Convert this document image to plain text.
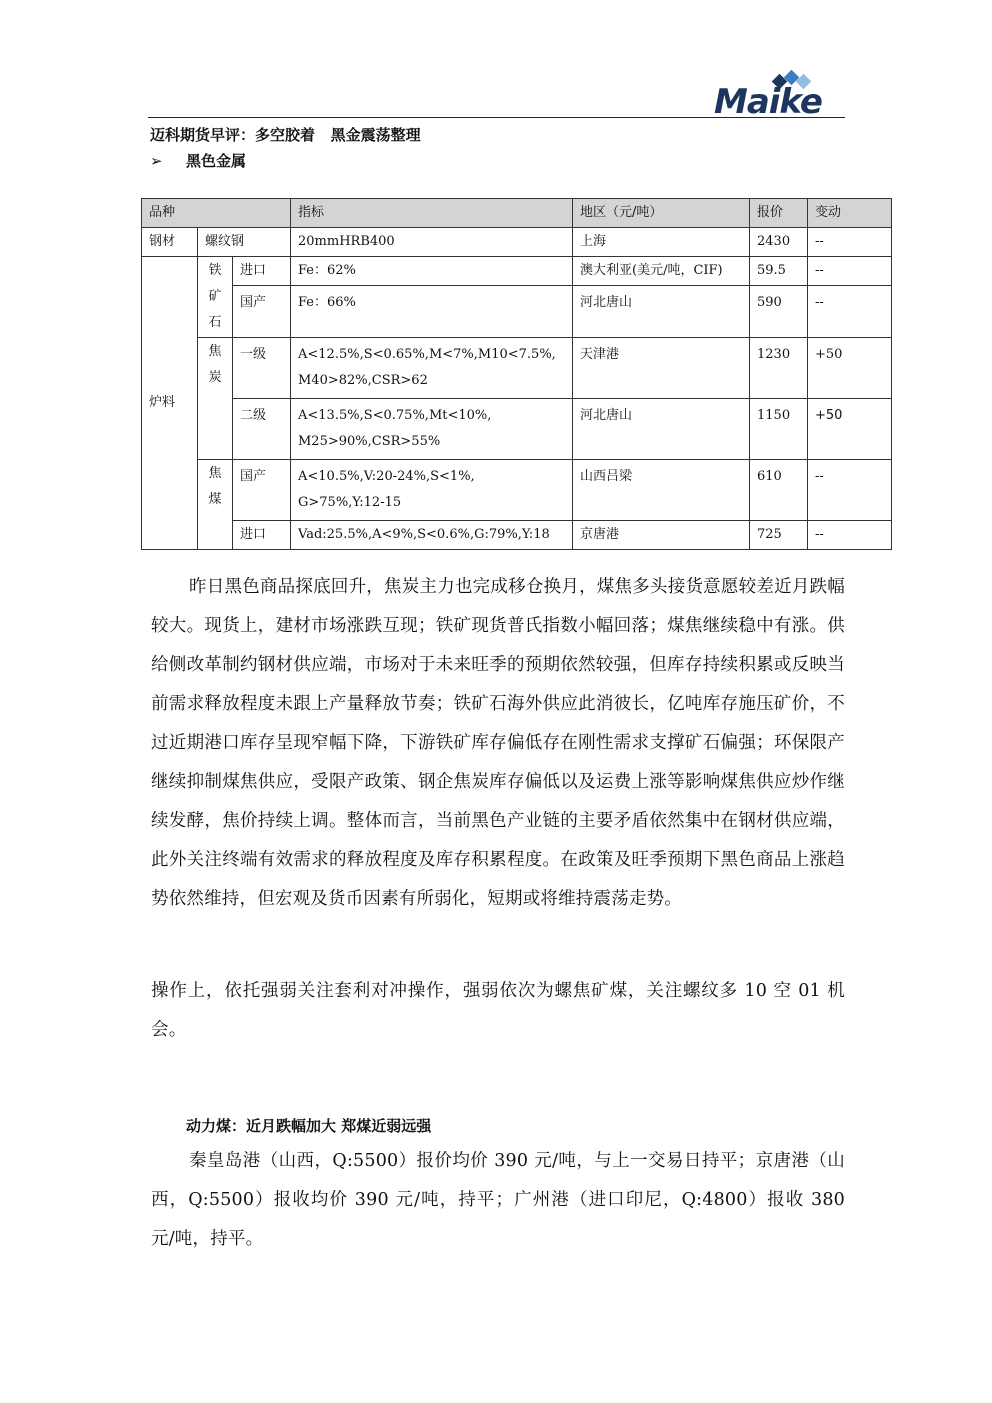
Maike
迈科期货早评：多空胶着   黑金震荡整理
➢ 黑色金属
品种			指标	地区（元/吨）	报价	变动
钢材	螺纹钢		20mmHRB400	上海	2430	--
炉料	铁矿石	进口	Fe：62%	澳大利亚(美元/吨，CIF)	59.5	--
		国产	Fe：66%	河北唐山	590	--

	焦炭	一级	A<12.5%,S<0.65%,M<7%,M10<7.5%,M40>82%,CSR>62	天津港	1230	+50
		二级	A<13.5%,S<0.75%,Mt<10%, M25>90%,CSR>55%	河北唐山	1150	+50

	焦煤	国产	A<10.5%,V:20-24%,S<1%, G>75%,Y:12-15	山西吕梁	610	--
		进口	Vad:25.5%,A<9%,S<0.6%,G:79%,Y:18	京唐港	725	--
昨日黑色商品探底回升，焦炭主力也完成移仓换月，煤焦多头接货意愿较差近月跌幅较大。现货上，建材市场涨跌互现；铁矿现货普氏指数小幅回落；煤焦继续稳中有涨。供给侧改革制约钢材供应端，市场对于未来旺季的预期依然较强，但库存持续积累或反映当前需求释放程度未跟上产量释放节奏；铁矿石海外供应此消彼长，亿吨库存施压矿价，不过近期港口库存呈现窄幅下降，下游铁矿库存偏低存在刚性需求支撑矿石偏强；环保限产继续抑制煤焦供应，受限产政策、钢企焦炭库存偏低以及运费上涨等影响煤焦供应炒作继续发酵，焦价持续上调。整体而言，当前黑色产业链的主要矛盾依然集中在钢材供应端，此外关注终端有效需求的释放程度及库存积累程度。在政策及旺季预期下黑色商品上涨趋势依然维持，但宏观及货币因素有所弱化，短期或将维持震荡走势。
操作上，依托强弱关注套利对冲操作，强弱依次为螺焦矿煤，关注螺纹多 10 空 01 机会。
动力煤：近月跌幅加大 郑煤近弱远强
秦皇岛港（山西，Q:5500）报价均价 390 元/吨，与上一交易日持平；京唐港（山西，Q:5500）报收均价 390 元/吨，持平；广州港（进口印尼，Q:4800）报收 380 元/吨，持平。
